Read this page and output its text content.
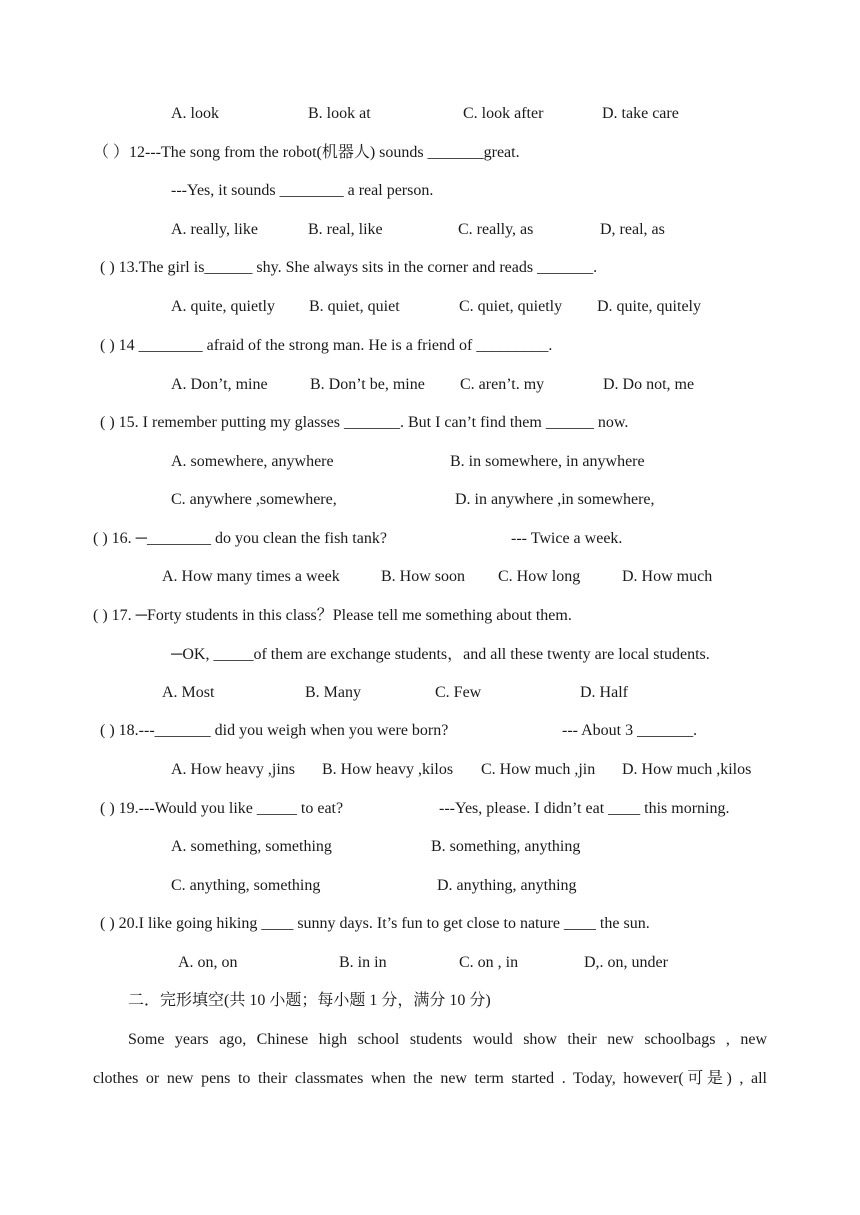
A. look	B. look at	C. look after	D. take care
（ ）12---The song from the robot(机器人) sounds _______great.
---Yes, it sounds ________ a real person.
A. really, like	B. real, like	C. really, as	D, real, as
( ) 13.The girl is______ shy. She always sits in the corner and reads _______.
A. quite, quietly B. quiet, quiet	C. quiet, quietly D. quite, quitely
( ) 14 ________ afraid of the strong man. He is a friend of _________.
A. Don’t, mine	B. Don’t be, mine C. aren’t. my	D. Do not, me
( ) 15. I remember putting my glasses _______. But I can’t find them ______ now.
A. somewhere, anywhere	B. in somewhere, in anywhere
C. anywhere ,somewhere,	D. in anywhere ,in somewhere,
( ) 16. ─________ do you clean the fish tank?	--- Twice a week.
A. How many times a week	B. How soon C. How long	D. How much
( ) 17. ─Forty students in this class？Please tell me something about them.
─OK, _____of them are exchange students，and all these twenty are local students.
A. Most	B. Many	C. Few	D. Half
( ) 18.---_______ did you weigh when you were born?	--- About 3 _______.
A. How heavy ,jins B. How heavy ,kilos C. How much ,jin D. How much ,kilos
( ) 19.---Would you like _____ to eat?	---Yes, please. I didn’t eat ____ this morning.
A. something, something	B. something, anything
C. anything, something	D. anything, anything
( ) 20.I like going hiking ____ sunny days. It’s fun to get close to nature ____ the sun.
A. on, on	B. in in	C. on , in	D,. on, under
二．完形填空(共 10 小题；每小题 1 分，满分 10 分)
Some years ago, Chinese high school students would show their new schoolbags , new
clothes or new pens to their classmates when the new term started . Today, however(可是) , all
